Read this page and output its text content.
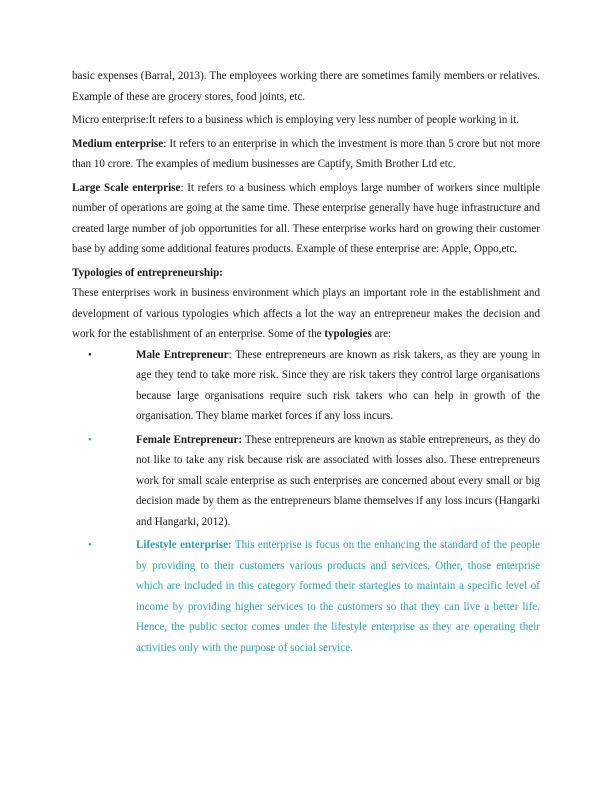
basic expenses (Barral, 2013). The employees working there are sometimes family members or relatives. Example of these are grocery stores, food joints, etc.

Micro enterprise:It refers to a business which is employing very less number of people working in it.

Medium enterprise: It refers to an enterprise in which the investment is more than 5 crore but not more than 10 crore. The examples of medium businesses are Captify, Smith Brother Ltd etc.

Large Scale enterprise: It refers to a business which employs large number of workers since multiple number of operations are going at the same time. These enterprise generally have huge infrastructure and created large number of job opportunities for all. These enterprise works hard on growing their customer base by adding some additional features products. Example of these enterprise are: Apple, Oppo,etc.

Typologies of entrepreneurship:

These enterprises work in business environment which plays an important role in the establishment and development of various typologies which affects a lot the way an entrepreneur makes the decision and work for the establishment of an enterprise. Some of the typologies are:

•	Male Entrepreneur: These entrepreneurs are known as risk takers, as they are young in age they tend to take more risk. Since they are risk takers they control large organisations because large organisations require such risk takers who can help in growth of the organisation. They blame market forces if any loss incurs.
•	Female Entrepreneur: These entrepreneurs are known as stable entrepreneurs, as they do not like to take any risk because risk are associated with losses also. These entrepreneurs work for small scale enterprise as such enterprises are concerned about every small or big decision made by them as the entrepreneurs blame themselves if any loss incurs (Hangarki and Hangarki, 2012).
•	Lifestyle enterprise: This enterprise is focus on the enhancing the standard of the people by providing to their customers various products and services. Other, those enterprise which are included in this category formed their startegies to maintain a specific level of income by providing higher services to the customers so that they can live a better life. Hence, the public sector comes under the lifestyle enterprise as they are operating their activities only with the purpose of social service.
